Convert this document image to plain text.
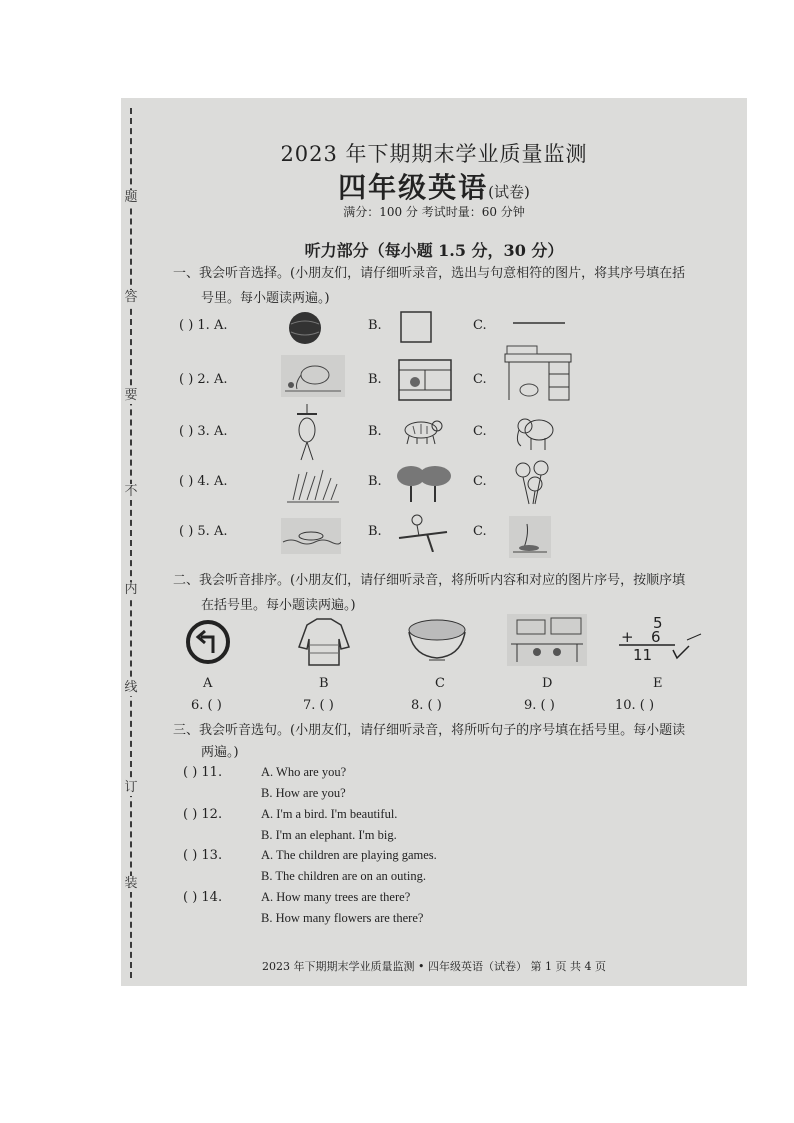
题
答
要
不
内
线
订
装
2023 年下期期末学业质量监测
四年级英语(试卷)
满分：100 分 考试时量：60 分钟
听力部分（每小题 1.5 分，30 分）
一、我会听音选择。(小朋友们，请仔细听录音，选出与句意相符的图片，将其序号填在括
号里。每小题读两遍。)
( ) 1. A.	B.	C.
( ) 2. A.	B.	C.
( ) 3. A.	B.	C.
( ) 4. A.	B.	C.
( ) 5. A.	B.	C.
二、我会听音排序。(小朋友们，请仔细听录音，将所听内容和对应的图片序号，按顺序填
在括号里。每小题读两遍。)
5
+ 6
11
A	B	C	D	E
6. ( )	7. ( )	8. ( )	9. ( )	10. ( )
三、我会听音选句。(小朋友们，请仔细听录音，将所听句子的序号填在括号里。每小题读
两遍。)
( ) 11.	A. Who are you?
B. How are you?
( ) 12.	A. I'm a bird. I'm beautiful.
B. I'm an elephant. I'm big.
( ) 13.	A. The children are playing games.
B. The children are on an outing.
( ) 14.	A. How many trees are there?
B. How many flowers are there?
2023 年下期期末学业质量监测 • 四年级英语（试卷） 第 1 页 共 4 页
